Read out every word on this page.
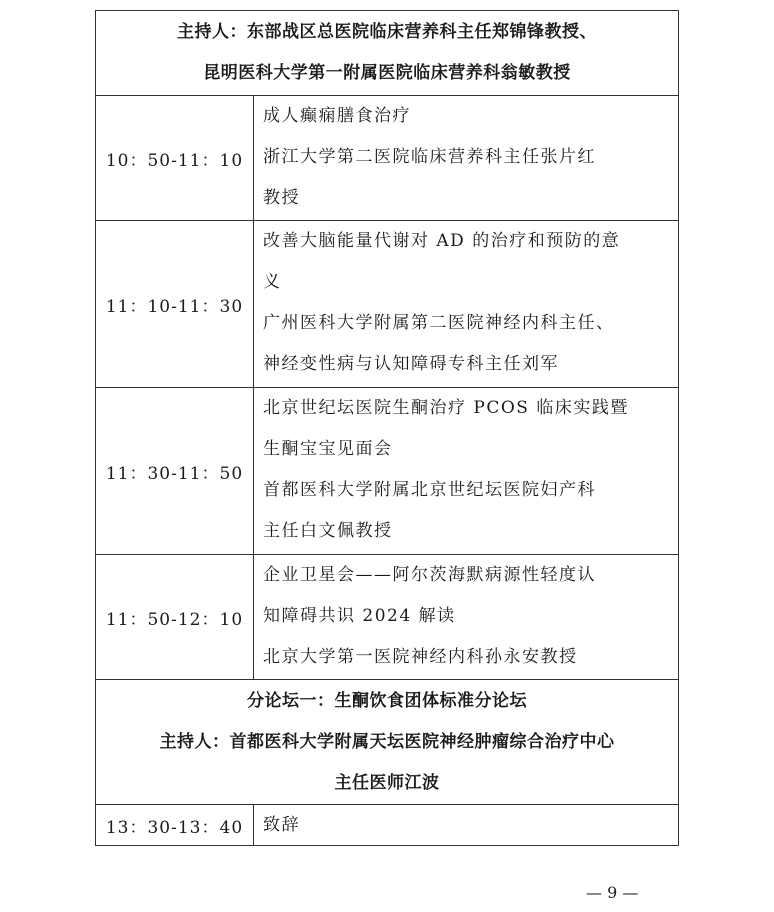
主持人：东部战区总医院临床营养科主任郑锦锋教授、
昆明医科大学第一附属医院临床营养科翁敏教授	

10：50-11：10	成人癫痫膳食治疗
浙江大学第二医院临床营养科主任张片红
教授

11：10-11：30	改善大脑能量代谢对 AD 的治疗和预防的意
义
广州医科大学附属第二医院神经内科主任、
神经变性病与认知障碍专科主任刘军

11：30-11：50	北京世纪坛医院生酮治疗 PCOS 临床实践暨
生酮宝宝见面会
首都医科大学附属北京世纪坛医院妇产科
主任白文佩教授

11：50-12：10	企业卫星会——阿尔茨海默病源性轻度认
知障碍共识 2024 解读
北京大学第一医院神经内科孙永安教授

分论坛一：生酮饮食团体标准分论坛
主持人：首都医科大学附属天坛医院神经肿瘤综合治疗中心
主任医师江波	

13：30-13：40	致辞
— 9 —
